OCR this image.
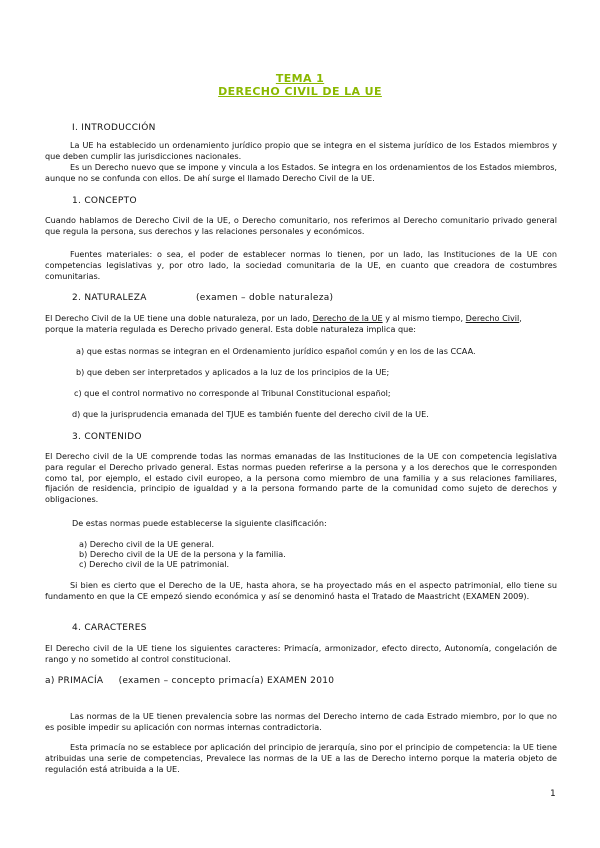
TEMA 1
DERECHO CIVIL DE LA UE
I. INTRODUCCIÓN
La UE ha establecido un ordenamiento jurídico propio que se integra en el sistema jurídico de los Estados miembros y que deben cumplir las jurisdicciones nacionales.
Es un Derecho nuevo que se impone y vincula a los Estados. Se integra en los ordenamientos de los Estados miembros, aunque no se confunda con ellos. De ahí surge el llamado Derecho Civil de la UE.
1. CONCEPTO
Cuando hablamos de Derecho Civil de la UE, o Derecho comunitario, nos referimos al Derecho comunitario privado general que regula la persona, sus derechos y las relaciones personales y económicos.
Fuentes materiales: o sea, el poder de establecer normas lo tienen, por un lado, las Instituciones de la UE con competencias legislativas y, por otro lado, la sociedad comunitaria de la UE, en cuanto que creadora de costumbres comunitarias.
2. NATURALEZA	(examen – doble naturaleza)
El Derecho Civil de la UE tiene una doble naturaleza, por un lado, Derecho de la UE y al mismo tiempo, Derecho Civil,
porque la materia regulada es Derecho privado general. Esta doble naturaleza implica que:
a) que estas normas se integran en el Ordenamiento jurídico español común y en los de las CCAA.
b) que deben ser interpretados y aplicados a la luz de los principios de la UE;
c) que el control normativo no corresponde al Tribunal Constitucional español;
d) que la jurisprudencia emanada del TJUE es también fuente del derecho civil de la UE.
3. CONTENIDO
El Derecho civil de la UE comprende todas las normas emanadas de las Instituciones de la UE con competencia legislativa para regular el Derecho privado general. Estas normas pueden referirse a la persona y a los derechos que le corresponden como tal, por ejemplo, el estado civil europeo, a la persona como miembro de una familia y a sus relaciones familiares, fijación de residencia, principio de igualdad y a la persona formando parte de la comunidad como sujeto de derechos y obligaciones.
De estas normas puede establecerse la siguiente clasificación:
a) Derecho civil de la UE general.
b) Derecho civil de la UE de la persona y la familia.
c) Derecho civil de la UE patrimonial.
Si bien es cierto que el Derecho de la UE, hasta ahora, se ha proyectado más en el aspecto patrimonial, ello tiene su fundamento en que la CE empezó siendo económica y así se denominó hasta el Tratado de Maastricht (EXAMEN 2009).
4. CARACTERES
El Derecho civil de la UE tiene los siguientes caracteres: Primacía, armonizador, efecto directo, Autonomía, congelación de rango y no sometido al control constitucional.
a) PRIMACÍA (examen – concepto primacía) EXAMEN 2010
Las normas de la UE tienen prevalencia sobre las normas del Derecho interno de cada Estrado miembro, por lo que no es posible impedir su aplicación con normas internas contradictoria.
Esta primacía no se establece por aplicación del principio de jerarquía, sino por el principio de competencia: la UE tiene atribuidas una serie de competencias, Prevalece las normas de la UE a las de Derecho interno porque la materia objeto de regulación está atribuida a la UE.
1
